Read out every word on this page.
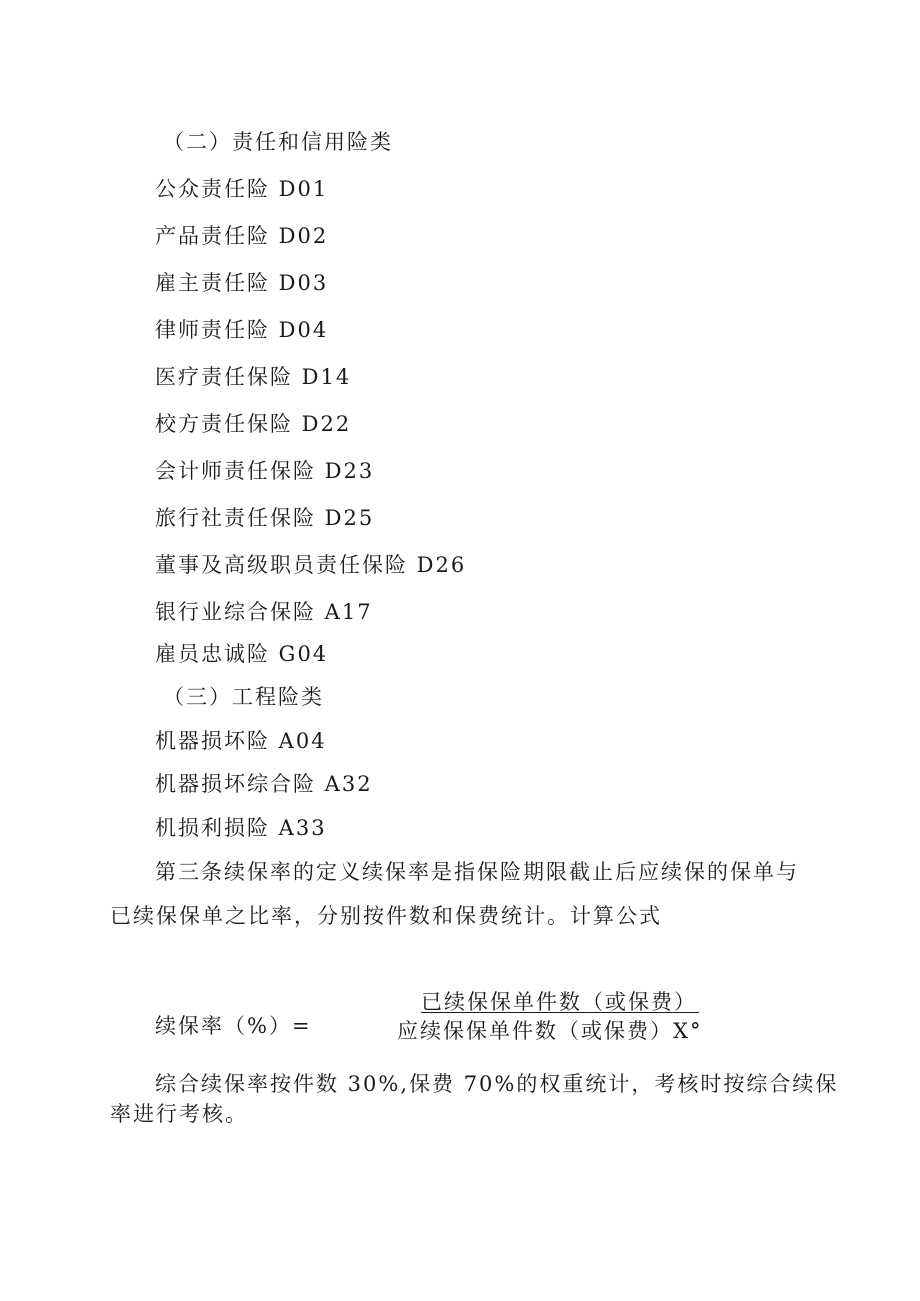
（二）责任和信用险类
公众责任险 D01
产品责任险 D02
雇主责任险 D03
律师责任险 D04
医疗责任保险 D14
校方责任保险 D22
会计师责任保险 D23
旅行社责任保险 D25
董事及高级职员责任保险 D26
银行业综合保险 A17
雇员忠诚险 G04
（三）工程险类
机器损坏险 A04
机器损坏综合险 A32
机损利损险 A33
第三条续保率的定义续保率是指保险期限截止后应续保的保单与
已续保保单之比率，分别按件数和保费统计。计算公式
续保率（%）=
已续保保单件数（或保费）
应续保保单件数（或保费）X°
综合续保率按件数 30%,保费 70%的权重统计，考核时按综合续保
率进行考核。
